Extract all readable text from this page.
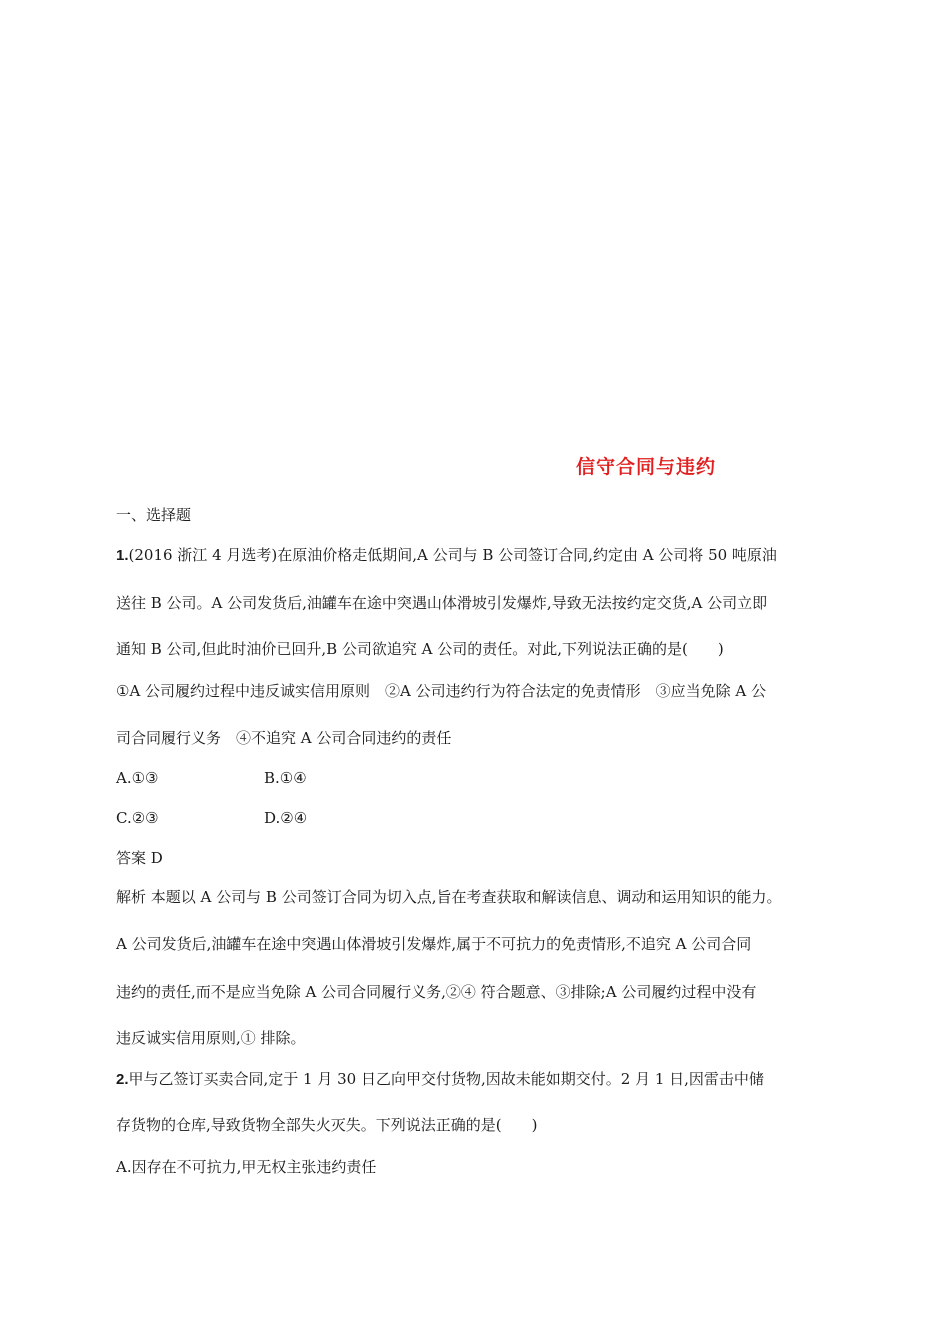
信守合同与违约
一、选择题
1.(2016 浙江 4 月选考)在原油价格走低期间,A 公司与 B 公司签订合同,约定由 A 公司将 50 吨原油
送往 B 公司。A 公司发货后,油罐车在途中突遇山体滑坡引发爆炸,导致无法按约定交货,A 公司立即
通知 B 公司,但此时油价已回升,B 公司欲追究 A 公司的责任。对此,下列说法正确的是(　　)
①A 公司履约过程中违反诚实信用原则　②A 公司违约行为符合法定的免责情形　③应当免除 A 公
司合同履行义务　④不追究 A 公司合同违约的责任
A.①③	B.①④
C.②③	D.②④
答案 D
解析 本题以 A 公司与 B 公司签订合同为切入点,旨在考查获取和解读信息、调动和运用知识的能力。
A 公司发货后,油罐车在途中突遇山体滑坡引发爆炸,属于不可抗力的免责情形,不追究 A 公司合同
违约的责任,而不是应当免除 A 公司合同履行义务,②④ 符合题意、③排除;A 公司履约过程中没有
违反诚实信用原则,① 排除。
2.甲与乙签订买卖合同,定于 1 月 30 日乙向甲交付货物,因故未能如期交付。2 月 1 日,因雷击中储
存货物的仓库,导致货物全部失火灭失。下列说法正确的是(　　)
A.因存在不可抗力,甲无权主张违约责任
